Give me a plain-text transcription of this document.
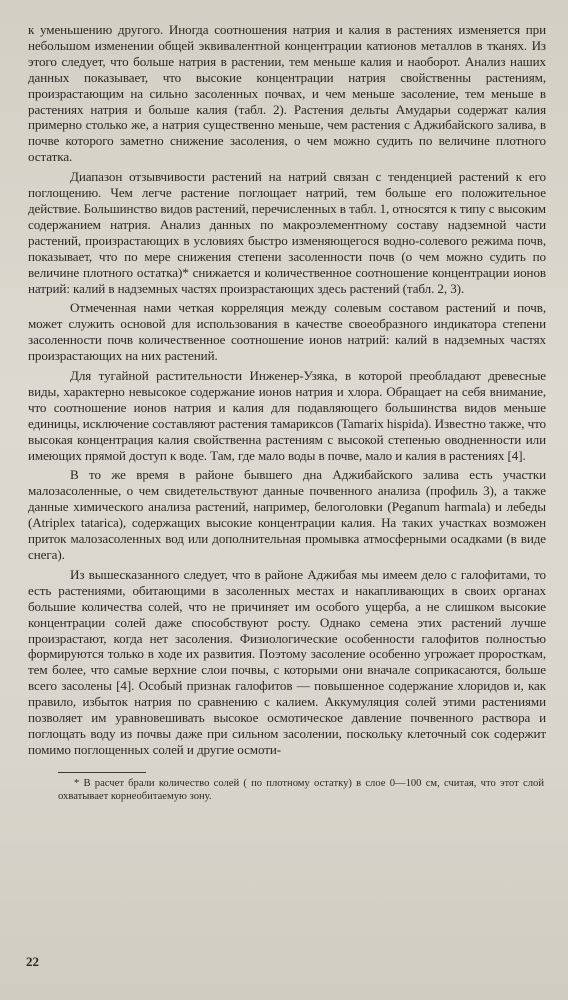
к уменьшению другого. Иногда соотношения натрия и калия в растениях изменяется при небольшом изменении общей эквивалентной концентрации катионов металлов в тканях. Из этого следует, что больше натрия в растении, тем меньше калия и наоборот. Анализ наших данных показывает, что высокие концентрации натрия свойственны растениям, произрастающим на сильно засоленных почвах, и чем меньше засоление, тем меньше в растениях натрия и больше калия (табл. 2). Растения дельты Амударьи содержат калия примерно столько же, а натрия существенно меньше, чем растения с Аджибайского залива, в почве которого заметно снижение засоления, о чем можно судить по величине плотного остатка.

Диапазон отзывчивости растений на натрий связан с тенденцией растений к его поглощению. Чем легче растение поглощает натрий, тем больше его положительное действие. Большинство видов растений, перечисленных в табл. 1, относятся к типу с высоким содержанием натрия. Анализ данных по макроэлементному составу надземной части растений, произрастающих в условиях быстро изменяющегося водно-солевого режима почв, показывает, что по мере снижения степени засоленности почв (о чем можно судить по величине плотного остатка)* снижается и количественное соотношение концентрации ионов натрий: калий в надземных частях произрастающих здесь растений (табл. 2, 3).

Отмеченная нами четкая корреляция между солевым составом растений и почв, может служить основой для использования в качестве своеобразного индикатора степени засоленности почв количественное соотношение ионов натрий: калий в надземных частях произрастающих на них растений.

Для тугайной растительности Инженер-Узяка, в которой преобладают древесные виды, характерно невысокое содержание ионов натрия и хлора. Обращает на себя внимание, что соотношение ионов натрия и калия для подавляющего большинства видов меньше единицы, исключение составляют растения тамариксов (Tamarix hispida). Известно также, что высокая концентрация калия свойственна растениям с высокой степенью оводненности или имеющих прямой доступ к воде. Там, где мало воды в почве, мало и калия в растениях [4].

В то же время в районе бывшего дна Аджибайского залива есть участки малозасоленные, о чем свидетельствуют данные почвенного анализа (профиль 3), а также данные химического анализа растений, например, белоголовки (Peganum harmala) и лебеды (Atriplex tatarica), содержащих высокие концентрации калия. На таких участках возможен приток малозасоленных вод или дополнительная промывка атмосферными осадками (в виде снега).

Из вышесказанного следует, что в районе Аджибая мы имеем дело с галофитами, то есть растениями, обитающими в засоленных местах и накапливающих в своих органах большие количества солей, что не причиняет им особого ущерба, а не слишком высокие концентрации солей даже способствуют росту. Однако семена этих растений лучше произрастают, когда нет засоления. Физиологические особенности галофитов полностью формируются только в ходе их развития. Поэтому засоление особенно угрожает проросткам, тем более, что самые верхние слои почвы, с которыми они вначале соприкасаются, больше всего засолены [4]. Особый признак галофитов — повышенное содержание хлоридов и, как правило, избыток натрия по сравнению с калием. Аккумуляция солей этими растениями позволяет им уравновешивать высокое осмотическое давление почвенного раствора и поглощать воду из почвы даже при сильном засолении, поскольку клеточный сок содержит помимо поглощенных солей и другие осмоти-

* В расчет брали количество солей ( по плотному остатку) в слое 0—100 см, считая, что этот слой охватывает корнеобитаемую зону.
22
